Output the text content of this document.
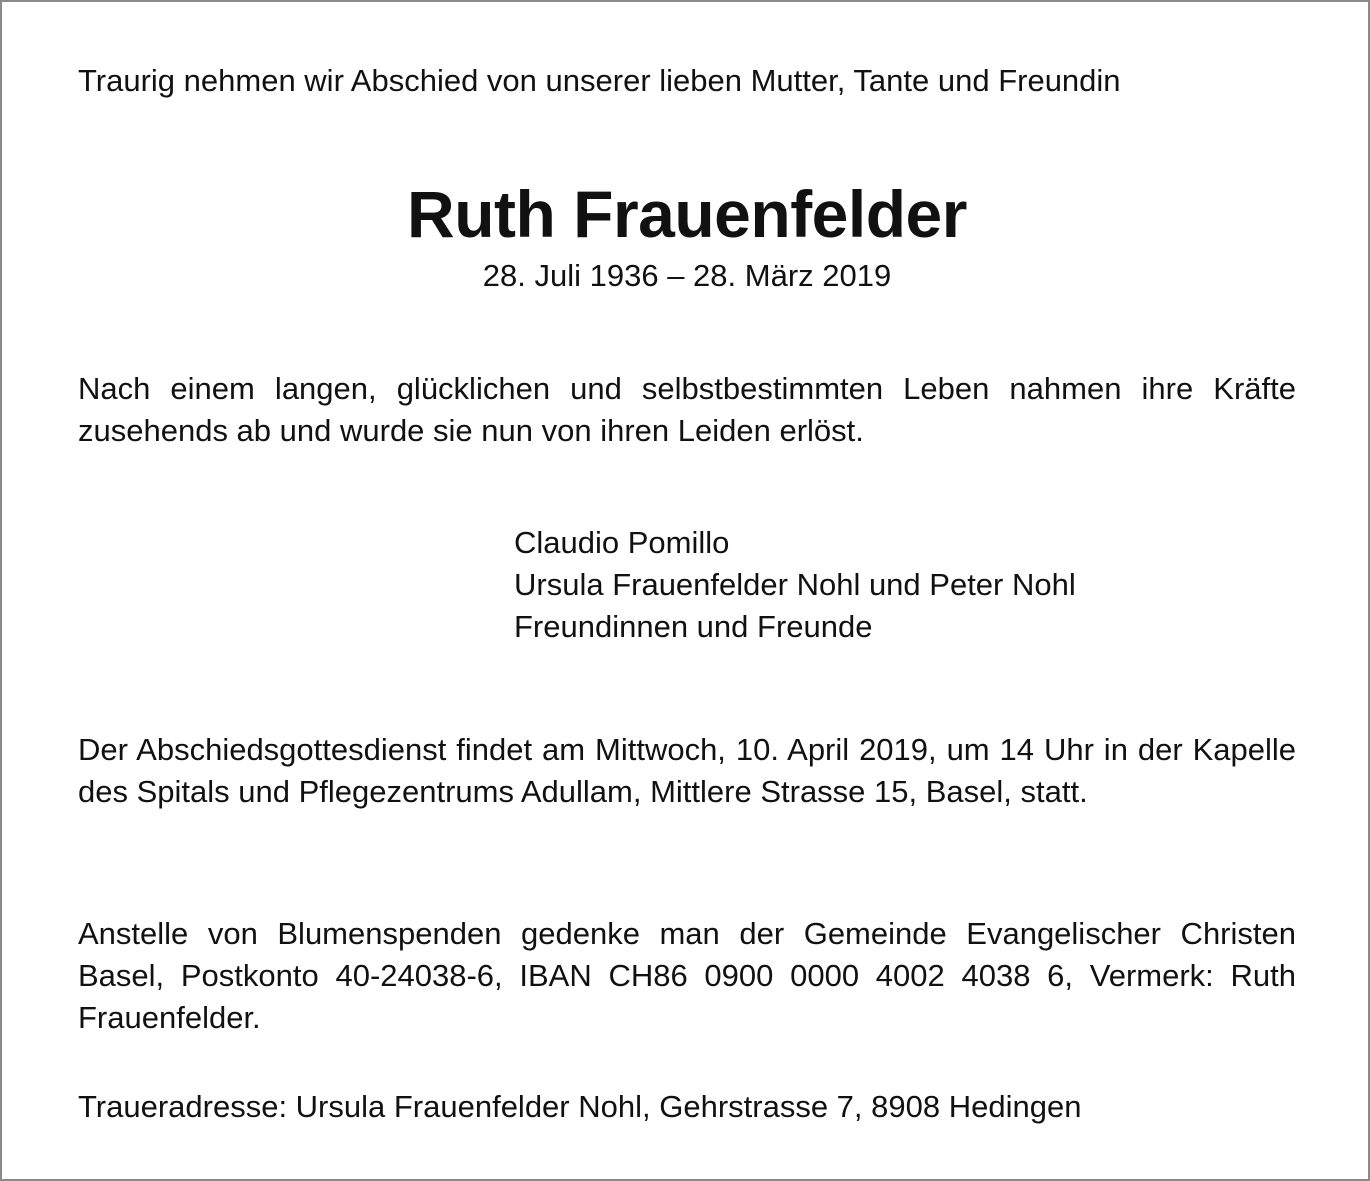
Traurig nehmen wir Abschied von unserer lieben Mutter, Tante und Freundin

Ruth Frauenfelder

28. Juli 1936 – 28. März 2019

Nach einem langen, glücklichen und selbstbestimmten Leben nahmen ihre Kräfte zusehends ab und wurde sie nun von ihren Leiden erlöst.

Claudio Pomillo
Ursula Frauenfelder Nohl und Peter Nohl
Freundinnen und Freunde

Der Abschiedsgottesdienst findet am Mittwoch, 10. April 2019, um 14 Uhr in der Kapelle des Spitals und Pflegezentrums Adullam, Mittlere Strasse 15, Basel, statt.

Anstelle von Blumenspenden gedenke man der Gemeinde Evangelischer Christen Basel, Postkonto 40-24038-6, IBAN CH86 0900 0000 4002 4038 6, Vermerk: Ruth Frauenfelder.

Traueradresse: Ursula Frauenfelder Nohl, Gehrstrasse 7, 8908 Hedingen
